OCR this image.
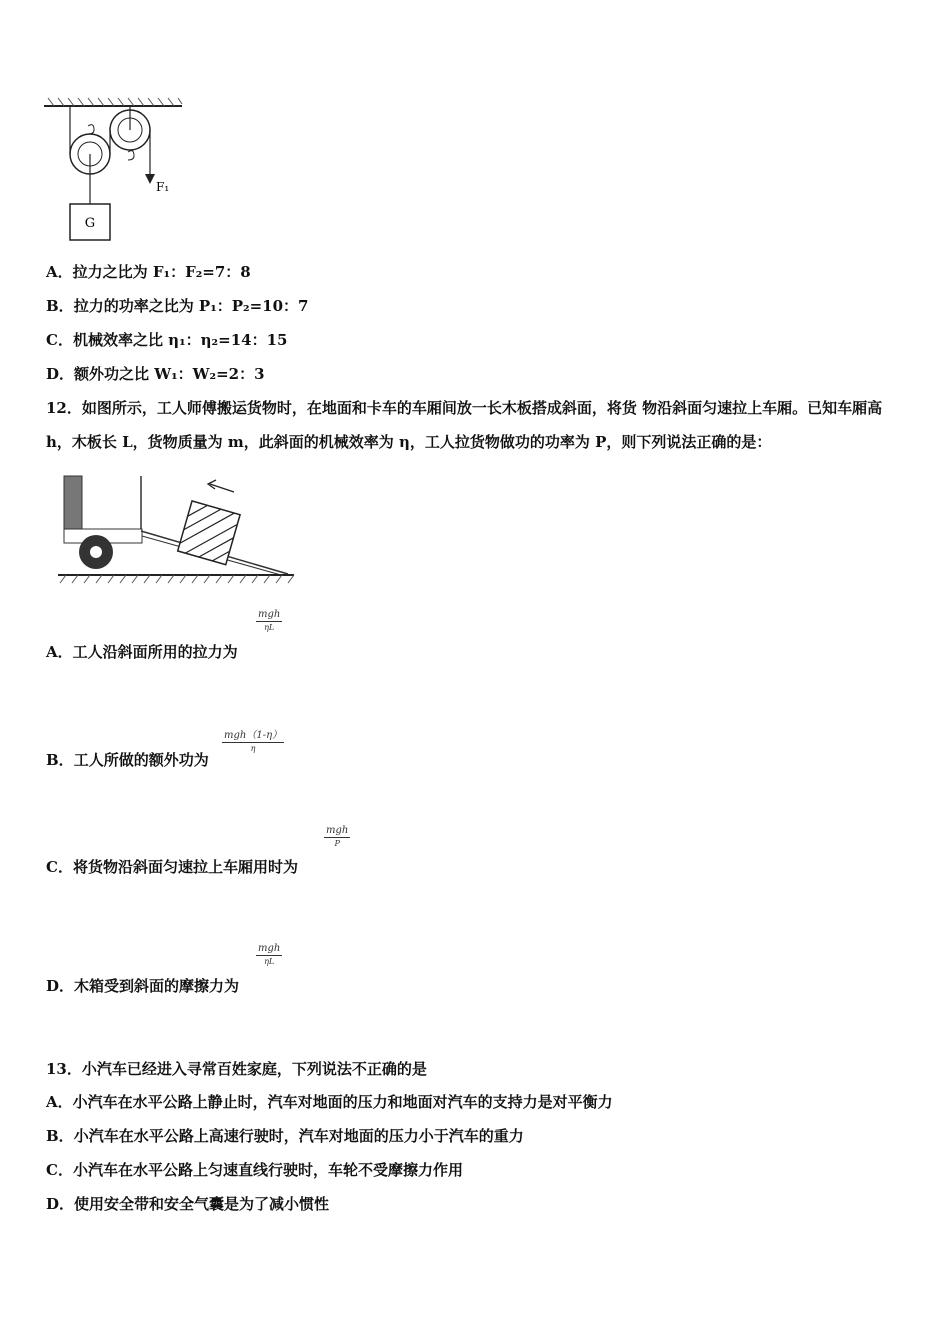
G
F₁
A．拉力之比为 F₁：F₂=7：8
B．拉力的功率之比为 P₁：P₂=10：7
C．机械效率之比 η₁：η₂=14：15
D．额外功之比 W₁：W₂=2：3
12．如图所示，工人师傅搬运货物时，在地面和卡车的车厢间放一长木板搭成斜面，将货 物沿斜面匀速拉上车厢。已知车厢高 h，木板长 L，货物质量为 m，此斜面的机械效率为 η，工人拉货物做功的功率为 P，则下列说法正确的是：
mgh
ηL
A．工人沿斜面所用的拉力为
mgh（1-η）
η
B．工人所做的额外功为
mgh
P
C．将货物沿斜面匀速拉上车厢用时为
mgh
ηL
D．木箱受到斜面的摩擦力为
13．小汽车已经进入寻常百姓家庭，下列说法不正确的是
A．小汽车在水平公路上静止时，汽车对地面的压力和地面对汽车的支持力是对平衡力
B．小汽车在水平公路上高速行驶时，汽车对地面的压力小于汽车的重力
C．小汽车在水平公路上匀速直线行驶时，车轮不受摩擦力作用
D．使用安全带和安全气囊是为了减小惯性
